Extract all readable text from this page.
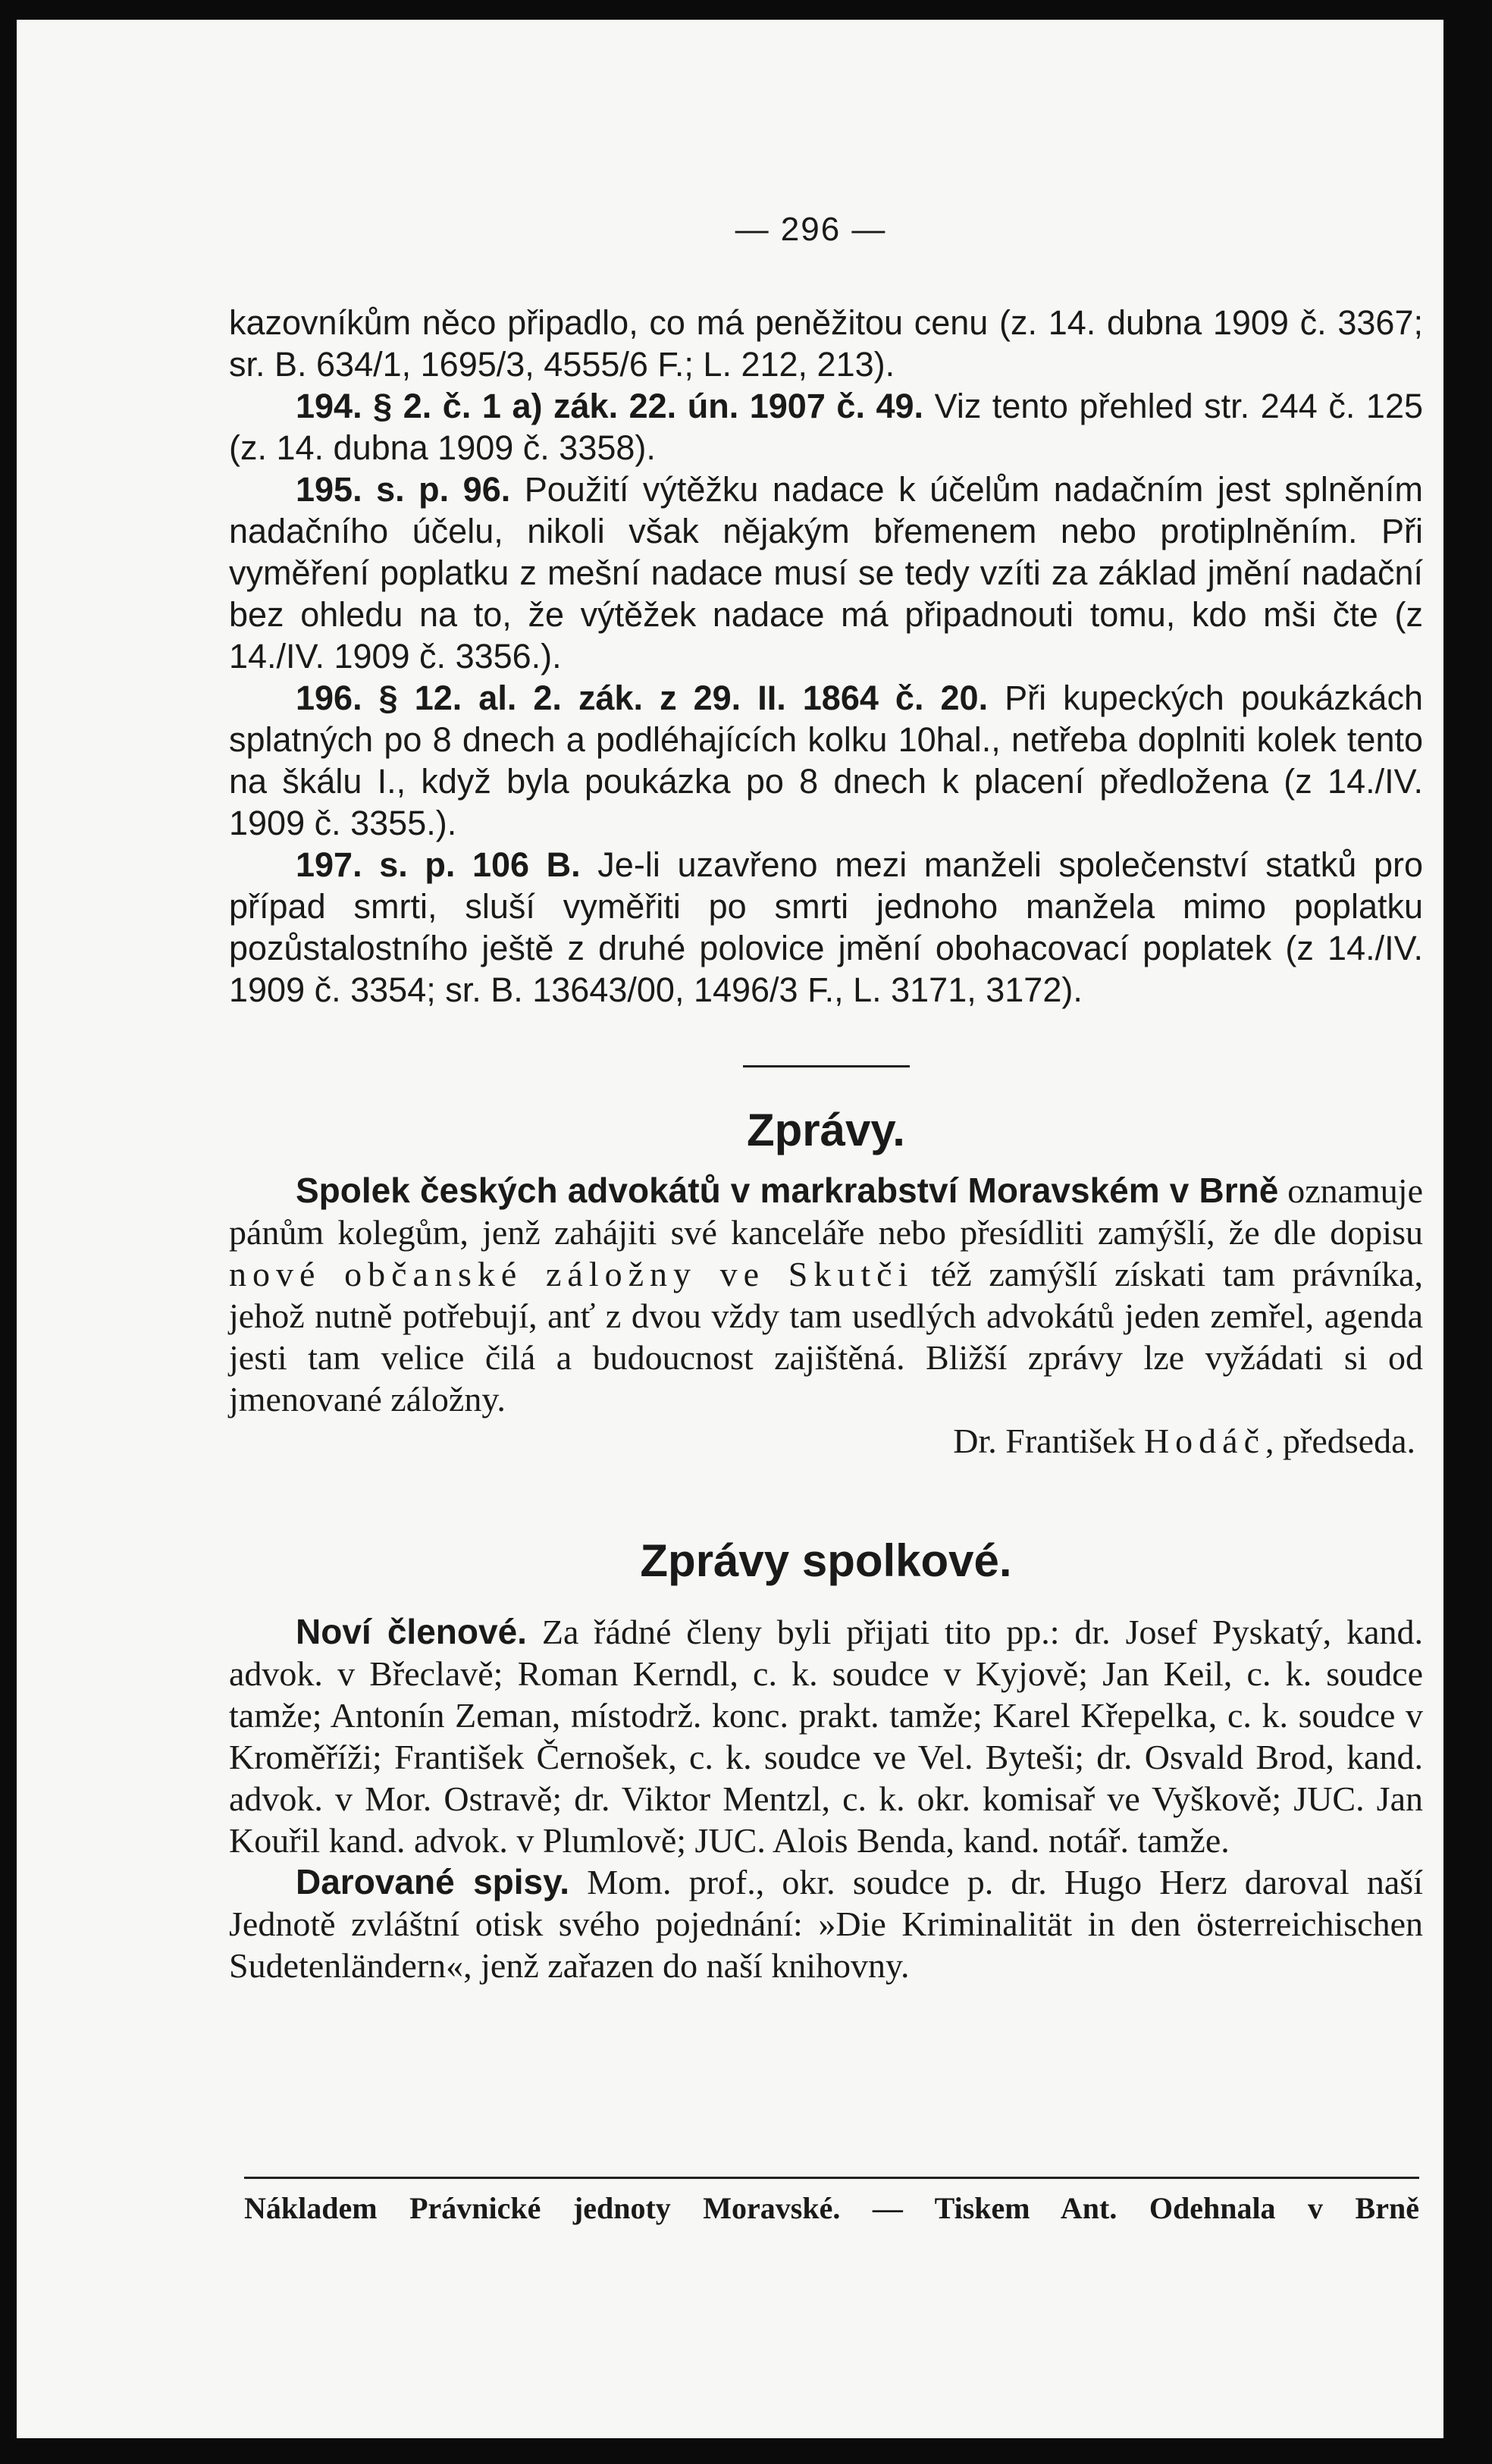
— 296 —

kazovníkům něco připadlo, co má peněžitou cenu (z. 14. dubna 1909 č. 3367; sr. B. 634/1, 1695/3, 4555/6 F.; L. 212, 213).

194. § 2. č. 1 a) zák. 22. ún. 1907 č. 49. Viz tento přehled str. 244 č. 125 (z. 14. dubna 1909 č. 3358).

195. s. p. 96. Použití výtěžku nadace k účelům nadačním jest splněním nadačního účelu, nikoli však nějakým břemenem nebo protiplněním. Při vyměření poplatku z mešní nadace musí se tedy vzíti za základ jmění nadační bez ohledu na to, že výtěžek nadace má připadnouti tomu, kdo mši čte (z 14./IV. 1909 č. 3356.).

196. § 12. al. 2. zák. z 29. II. 1864 č. 20. Při kupeckých poukázkách splatných po 8 dnech a podléhajících kolku 10hal., netřeba doplniti kolek tento na škálu I., když byla poukázka po 8 dnech k placení předložena (z 14./IV. 1909 č. 3355.).

197. s. p. 106 B. Je-li uzavřeno mezi manželi společenství statků pro případ smrti, sluší vyměřiti po smrti jednoho manžela mimo poplatku pozůstalostního ještě z druhé polovice jmění obohacovací poplatek (z 14./IV. 1909 č. 3354; sr. B. 13643/00, 1496/3 F., L. 3171, 3172).

Zprávy.

Spolek českých advokátů v markrabství Moravském v Brně oznamuje pánům kolegům, jenž zahájiti své kanceláře nebo přesídliti zamýšlí, že dle dopisu nové občanské záložny ve Skutči též zamýšlí získati tam právníka, jehož nutně potřebují, anť z dvou vždy tam usedlých advokátů jeden zemřel, agenda jesti tam velice čilá a budoucnost zajištěná. Bližší zprávy lze vyžádati si od jmenované záložny.

Dr. František Hodáč, předseda.

Zprávy spolkové.

Noví členové. Za řádné členy byli přijati tito pp.: dr. Josef Pyskatý, kand. advok. v Břeclavě; Roman Kerndl, c. k. soudce v Kyjově; Jan Keil, c. k. soudce tamže; Antonín Zeman, místodrž. konc. prakt. tamže; Karel Křepelka, c. k. soudce v Kroměříži; František Černošek, c. k. soudce ve Vel. Byteši; dr. Osvald Brod, kand. advok. v Mor. Ostravě; dr. Viktor Mentzl, c. k. okr. komisař ve Vyškově; JUC. Jan Kouřil kand. advok. v Plumlově; JUC. Alois Benda, kand. notář. tamže.

Darované spisy. Mom. prof., okr. soudce p. dr. Hugo Herz daroval naší Jednotě zvláštní otisk svého pojednání: »Die Kriminalität in den österreichischen Sudetenländern«, jenž zařazen do naší knihovny.

Nákladem Právnické jednoty Moravské. — Tiskem Ant. Odehnala v Brně
